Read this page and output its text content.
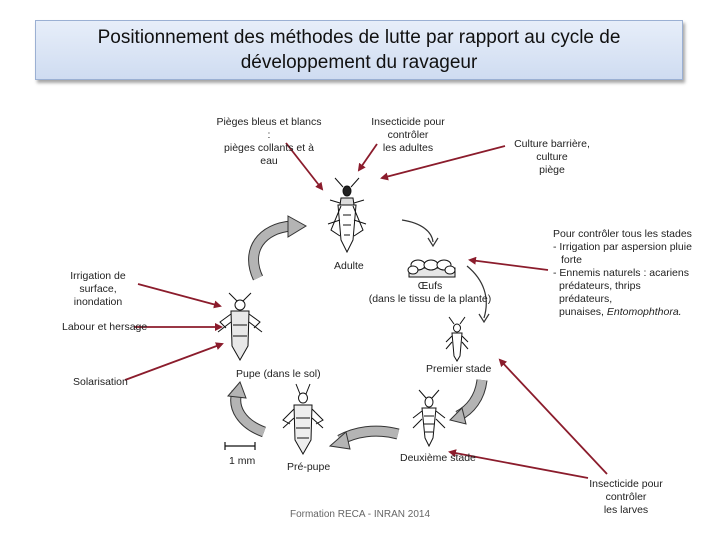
Positionnement des méthodes de lutte par rapport au cycle de développement du ravageur
Adulte
Œufs
(dans le tissu de la plante)
Premier stade
Deuxième stade
Pré-pupe
Pupe (dans le sol)
1 mm
Pièges bleus et blancs :
pièges collants et à eau
Insecticide pour contrôler
les adultes	Culture barrière, culture
piège
Pour contrôler tous les stades
- Irrigation par aspersion pluie
forte
- Ennemis naturels : acariens
prédateurs, thrips prédateurs,
punaises, Entomophthora.
Irrigation de surface,
inondation
Labour et hersage
Solarisation
Insecticide pour contrôler
les larves
Formation RECA - INRAN 2014
